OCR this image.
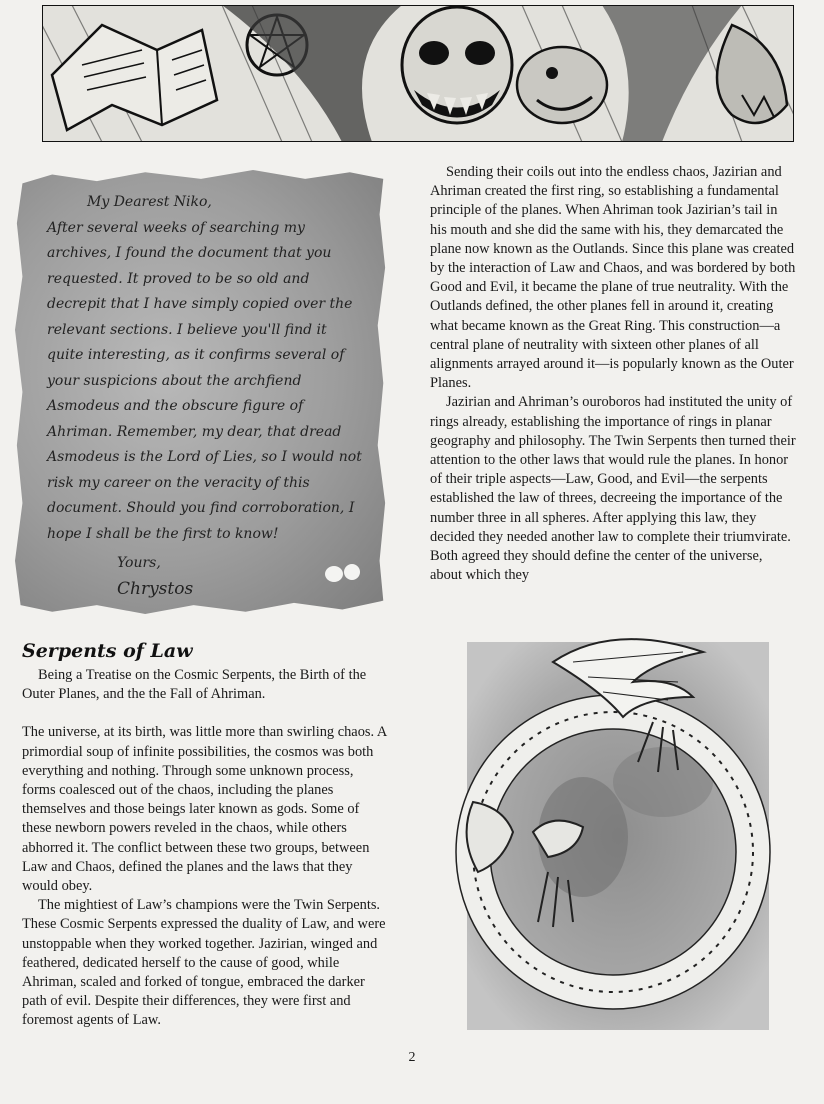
My Dearest Niko,

After several weeks of searching my archives, I found the document that you requested. It proved to be so old and decrepit that I have simply copied over the relevant sections. I believe you'll find it quite interesting, as it confirms several of your suspicions about the archfiend Asmodeus and the obscure figure of Ahriman. Remember, my dear, that dread Asmodeus is the Lord of Lies, so I would not risk my career on the veracity of this document. Should you find corroboration, I hope I shall be the first to know!

Yours,

Chrystos

Serpents of Law

Being a Treatise on the Cosmic Serpents, the Birth of the Outer Planes, and the the Fall of Ahriman.

The universe, at its birth, was little more than swirling chaos. A primordial soup of infinite possibilities, the cosmos was both everything and nothing. Through some unknown process, forms coalesced out of the chaos, including the planes themselves and those beings later known as gods. Some of these newborn powers reveled in the chaos, while others abhorred it. The conflict between these two groups, between Law and Chaos, defined the planes and the laws that they would obey.

The mightiest of Law’s champions were the Twin Serpents. These Cosmic Serpents expressed the duality of Law, and were unstoppable when they worked together. Jazirian, winged and feathered, dedicated herself to the cause of good, while Ahriman, scaled and forked of tongue, embraced the darker path of evil. Despite their differences, they were first and foremost agents of Law.

Sending their coils out into the endless chaos, Jazirian and Ahriman created the first ring, so establishing a fundamental principle of the planes. When Ahriman took Jazirian’s tail in his mouth and she did the same with his, they demarcated the plane now known as the Outlands. Since this plane was created by the interaction of Law and Chaos, and was bordered by both Good and Evil, it became the plane of true neutrality. With the Outlands defined, the other planes fell in around it, creating what became known as the Great Ring. This construction—a central plane of neutrality with sixteen other planes of all alignments arrayed around it—is popularly known as the Outer Planes.

Jazirian and Ahriman’s ouroboros had instituted the unity of rings already, establishing the importance of rings in planar geography and philosophy. The Twin Serpents then turned their attention to the other laws that would rule the planes. In honor of their triple aspects—Law, Good, and Evil—the serpents established the law of threes, decreeing the importance of the number three in all spheres. After applying this law, they decided they needed another law to complete their triumvirate. Both agreed they should define the center of the universe, about which they

2
